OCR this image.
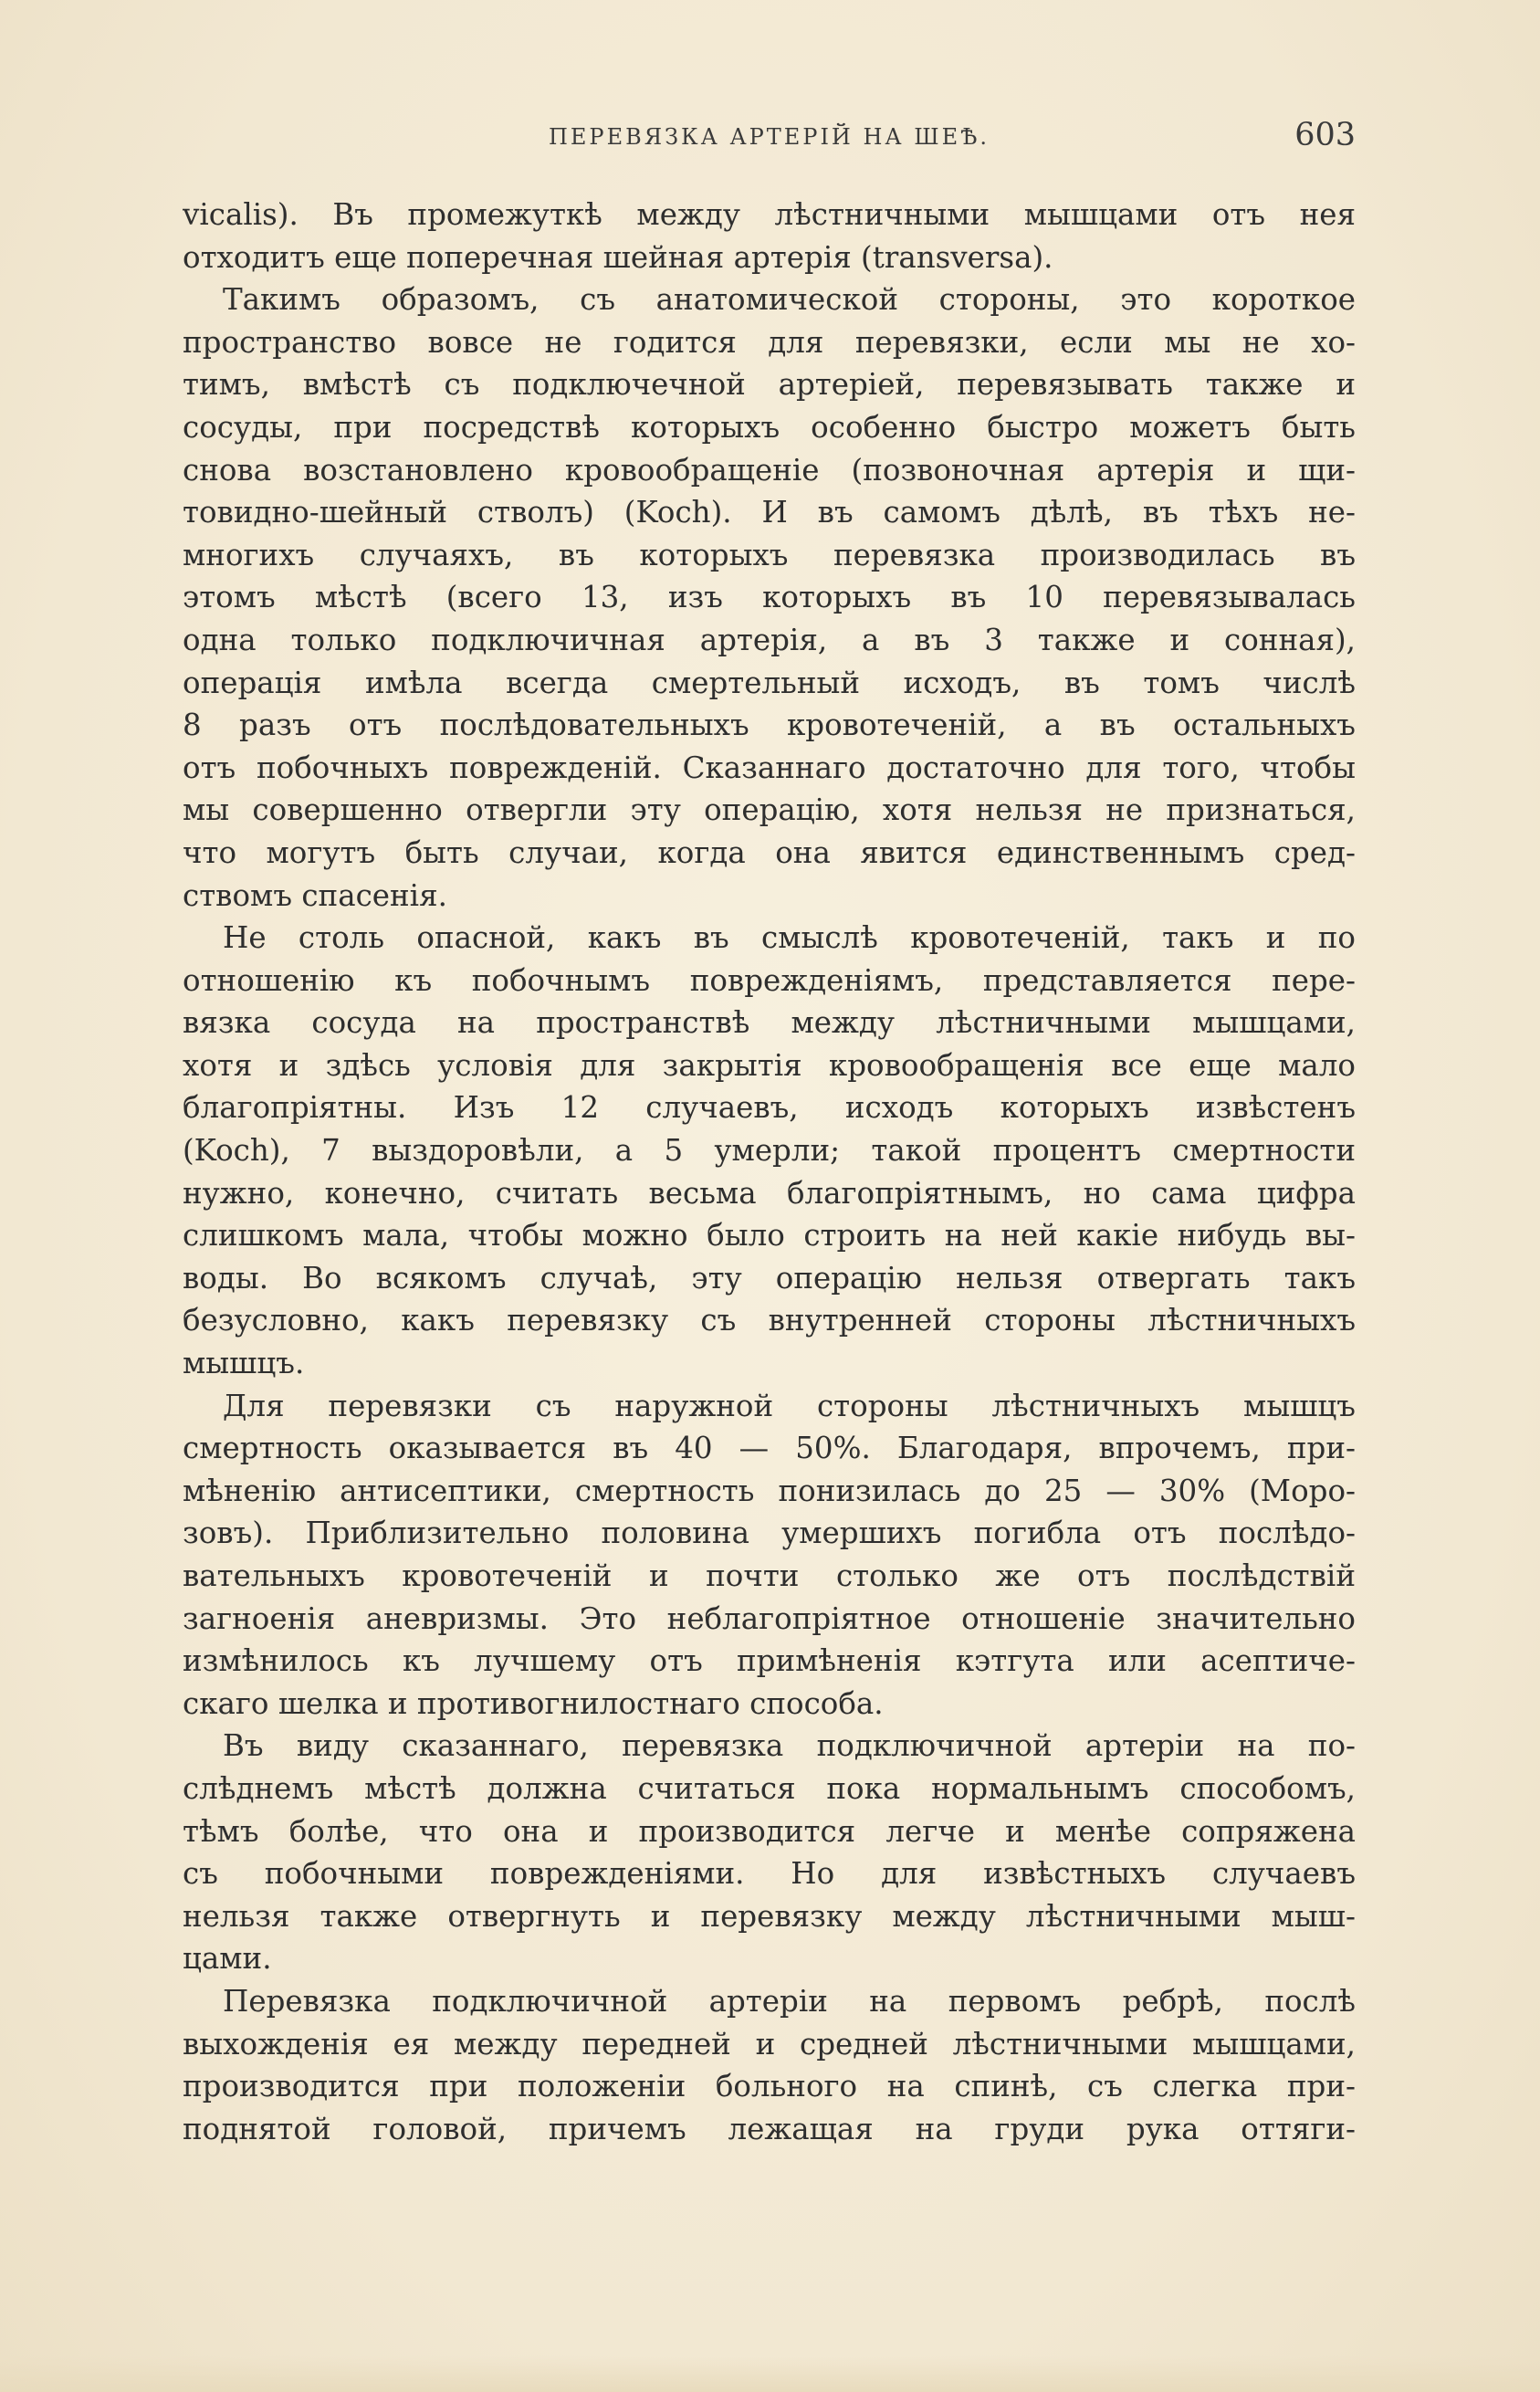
ПЕРЕВЯЗКА АРТЕРІЙ НА ШЕѢ.	603
vicalis). Въ промежуткѣ между лѣстничными мышцами отъ нея
отходитъ еще поперечная шейная артерія (transversa).
Такимъ образомъ, съ анатомической стороны, это короткое
пространство вовсе не годится для перевязки, если мы не хо-
тимъ, вмѣстѣ съ подключечной артеріей, перевязывать также и
сосуды, при посредствѣ которыхъ особенно быстро можетъ быть
снова возстановлено кровообращеніе (позвоночная артерія и щи-
товидно-шейный стволъ) (Koch). И въ самомъ дѣлѣ, въ тѣхъ не-
многихъ случаяхъ, въ которыхъ перевязка производилась въ
этомъ мѣстѣ (всего 13, изъ которыхъ въ 10 перевязывалась
одна только подключичная артерія, а въ 3 также и сонная),
операція имѣла всегда смертельный исходъ, въ томъ числѣ
8 разъ отъ послѣдовательныхъ кровотеченій, а въ остальныхъ
отъ побочныхъ поврежденій. Сказаннаго достаточно для того, чтобы
мы совершенно отвергли эту операцію, хотя нельзя не признаться,
что могутъ быть случаи, когда она явится единственнымъ сред-
ствомъ спасенія.
Не столь опасной, какъ въ смыслѣ кровотеченій, такъ и по
отношенію къ побочнымъ поврежденіямъ, представляется пере-
вязка сосуда на пространствѣ между лѣстничными мышцами,
хотя и здѣсь условія для закрытія кровообращенія все еще мало
благопріятны. Изъ 12 случаевъ, исходъ которыхъ извѣстенъ
(Koch), 7 выздоровѣли, а 5 умерли; такой процентъ смертности
нужно, конечно, считать весьма благопріятнымъ, но сама цифра
слишкомъ мала, чтобы можно было строить на ней какіе нибудь вы-
воды. Во всякомъ случаѣ, эту операцію нельзя отвергать такъ
безусловно, какъ перевязку съ внутренней стороны лѣстничныхъ
мышцъ.
Для перевязки съ наружной стороны лѣстничныхъ мышцъ
смертность оказывается въ 40 — 50%. Благодаря, впрочемъ, при-
мѣненію антисептики, смертность понизилась до 25 — 30% (Моро-
зовъ). Приблизительно половина умершихъ погибла отъ послѣдо-
вательныхъ кровотеченій и почти столько же отъ послѣдствій
загноенія аневризмы. Это неблагопріятное отношеніе значительно
измѣнилось къ лучшему отъ примѣненія кэтгута или асептиче-
скаго шелка и противогнилостнаго способа.
Въ виду сказаннаго, перевязка подключичной артеріи на по-
слѣднемъ мѣстѣ должна считаться пока нормальнымъ способомъ,
тѣмъ болѣе, что она и производится легче и менѣе сопряжена
съ побочными поврежденіями. Но для извѣстныхъ случаевъ
нельзя также отвергнуть и перевязку между лѣстничными мыш-
цами.
Перевязка подключичной артеріи на первомъ ребрѣ, послѣ
выхожденія ея между передней и средней лѣстничными мышцами,
производится при положеніи больного на спинѣ, съ слегка при-
поднятой головой, причемъ лежащая на груди рука оттяги-
